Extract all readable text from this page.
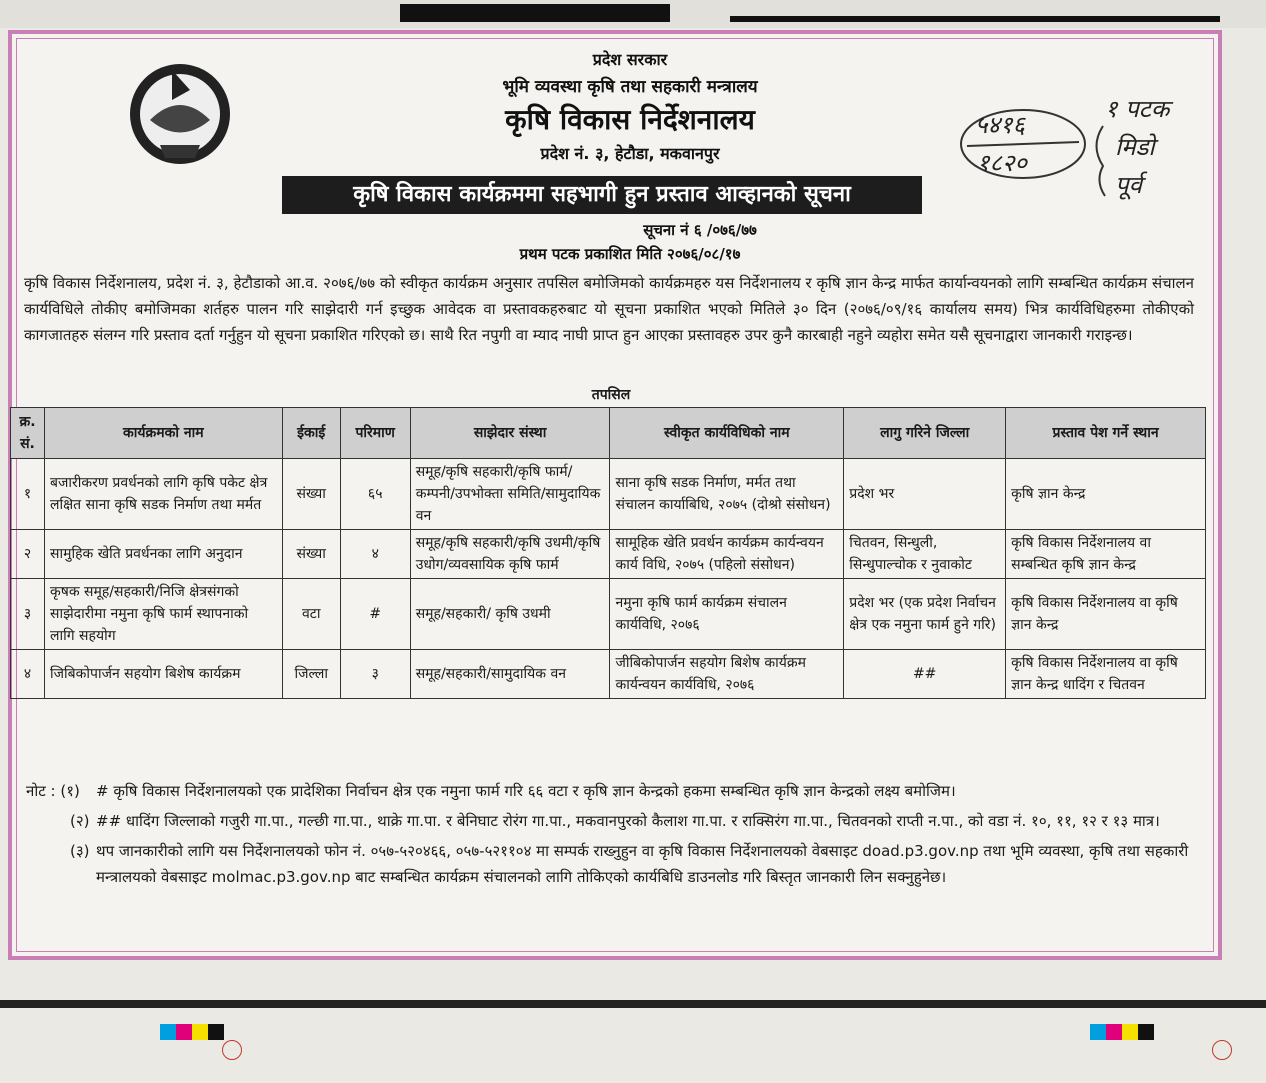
प्रदेश सरकार
भूमि व्यवस्था कृषि तथा सहकारी मन्त्रालय
कृषि विकास निर्देशनालय
प्रदेश नं. ३, हेटौडा, मकवानपुर
कृषि विकास कार्यक्रममा सहभागी हुन प्रस्ताव आव्हानको सूचना
सूचना नं ६ /०७६/७७
प्रथम पटक प्रकाशित मिति २०७६/०८/१७
५४१६
१८२०
१ पटक
मिडो
पूर्व
कृषि विकास निर्देशनालय, प्रदेश नं. ३, हेटौडाको आ.व. २०७६/७७ को स्वीकृत कार्यक्रम अनुसार तपसिल बमोजिमको कार्यक्रमहरु यस निर्देशनालय र कृषि ज्ञान केन्द्र मार्फत कार्यान्वयनको लागि सम्बन्धित कार्यक्रम संचालन कार्यविधिले तोकीए बमोजिमका शर्तहरु पालन गरि साझेदारी गर्न इच्छुक आवेदक वा प्रस्तावकहरुबाट यो सूचना प्रकाशित भएको मितिले ३० दिन (२०७६/०९/१६ कार्यालय समय) भित्र कार्यविधिहरुमा तोकीएको कागजातहरु संलग्न गरि प्रस्ताव दर्ता गर्नुहुन यो सूचना प्रकाशित गरिएको छ। साथै रित नपुगी वा म्याद नाघी प्राप्त हुन आएका प्रस्तावहरु उपर कुनै कारबाही नहुने व्यहोरा समेत यसै सूचनाद्वारा जानकारी गराइन्छ।
तपसिल
क्र. सं.	कार्यक्रमको नाम	ईकाई	परिमाण	साझेदार संस्था	स्वीकृत कार्यविधिको नाम	लागु गरिने जिल्ला	प्रस्ताव पेश गर्ने स्थान
१	बजारीकरण प्रवर्धनको लागि कृषि पकेट क्षेत्र लक्षित साना कृषि सडक निर्माण तथा मर्मत	संख्या	६५	समूह/कृषि सहकारी/कृषि फार्म/कम्पनी/उपभोक्ता समिति/सामुदायिक वन	साना कृषि सडक निर्माण, मर्मत तथा संचालन कार्याबिधि, २०७५ (दोश्रो संसोधन)	प्रदेश भर	कृषि ज्ञान केन्द्र
२	सामुहिक खेति प्रवर्धनका लागि अनुदान	संख्या	४	समूह/कृषि सहकारी/कृषि उधमी/कृषि उधोग/व्यवसायिक कृषि फार्म	सामूहिक खेति प्रवर्धन कार्यक्रम कार्यन्वयन कार्य विधि, २०७५ (पहिलो संसोधन)	चितवन, सिन्धुली, सिन्धुपाल्चोक र नुवाकोट	कृषि विकास निर्देशनालय वा सम्बन्धित कृषि ज्ञान केन्द्र
३	कृषक समूह/सहकारी/निजि क्षेत्रसंगको साझेदारीमा नमुना कृषि फार्म स्थापनाको लागि सहयोग	वटा	#	समूह/सहकारी/ कृषि उधमी	नमुना कृषि फार्म कार्यक्रम संचालन कार्यविधि, २०७६	प्रदेश भर (एक प्रदेश निर्वाचन क्षेत्र एक नमुना फार्म हुने गरि)	कृषि विकास निर्देशनालय वा कृषि ज्ञान केन्द्र
४	जिबिकोपार्जन सहयोग बिशेष कार्यक्रम	जिल्ला	३	समूह/सहकारी/सामुदायिक वन	जीबिकोपार्जन सहयोग बिशेष कार्यक्रम कार्यन्वयन कार्यविधि, २०७६	##	कृषि विकास निर्देशनालय वा कृषि ज्ञान केन्द्र धादिंग र चितवन
नोट : (१)	# कृषि विकास निर्देशनालयको एक प्रादेशिका निर्वाचन क्षेत्र एक नमुना फार्म गरि ६६ वटा र कृषि ज्ञान केन्द्रको हकमा सम्बन्धित कृषि ज्ञान केन्द्रको लक्ष्य बमोजिम।
(२) ## धादिंग जिल्लाको गजुरी गा.पा., गल्छी गा.पा., थाक्रे गा.पा. र बेनिघाट रोरंग गा.पा., मकवानपुरको कैलाश गा.पा. र राक्सिरंग गा.पा., चितवनको राप्ती न.पा., को वडा नं. १०, ११, १२ र १३ मात्र।
(३) थप जानकारीको लागि यस निर्देशनालयको फोन नं. ०५७-५२०४६६, ०५७-५२११०४ मा सम्पर्क राख्नुहुन वा कृषि विकास निर्देशनालयको वेबसाइट doad.p3.gov.np तथा भूमि व्यवस्था, कृषि तथा सहकारी मन्त्रालयको वेबसाइट molmac.p3.gov.np बाट सम्बन्धित कार्यक्रम संचालनको लागि तोकिएको कार्यबिधि डाउनलोड गरि बिस्तृत जानकारी लिन सक्नुहुनेछ।
